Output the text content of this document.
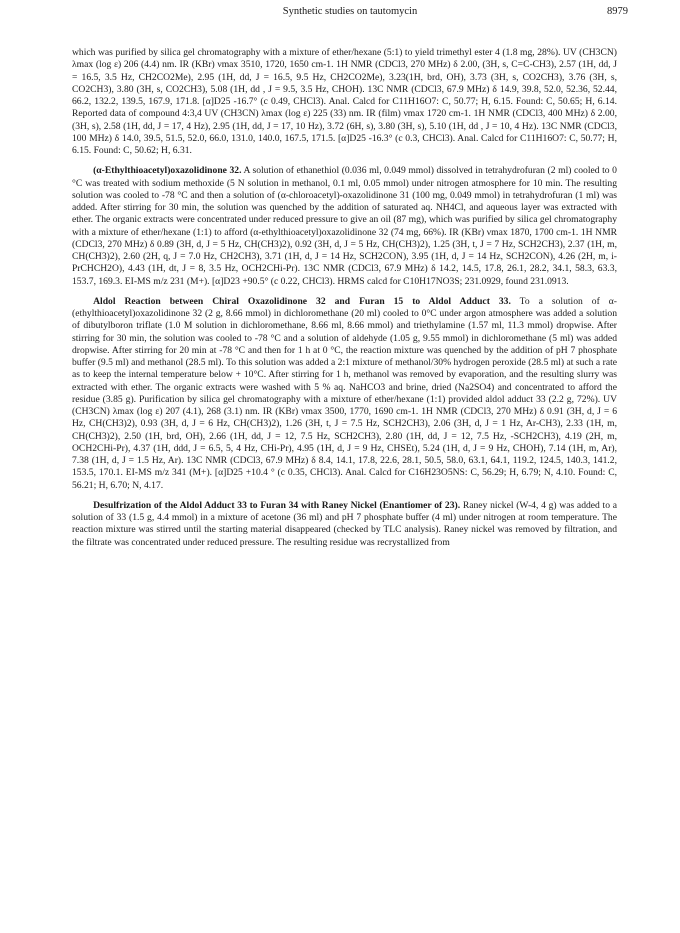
Synthetic studies on tautomycin	8979

which was purified by silica gel chromatography with a mixture of ether/hexane (5:1) to yield trimethyl ester 4 (1.8 mg, 28%). UV (CH3CN) λmax (log ε) 206 (4.4) nm. IR (KBr) νmax 3510, 1720, 1650 cm-1. 1H NMR (CDCl3, 270 MHz) δ 2.00, (3H, s, C=C-CH3), 2.57 (1H, dd, J = 16.5, 3.5 Hz, CH2CO2Me), 2.95 (1H, dd, J = 16.5, 9.5 Hz, CH2CO2Me), 3.23(1H, brd, OH), 3.73 (3H, s, CO2CH3), 3.76 (3H, s, CO2CH3), 3.80 (3H, s, CO2CH3), 5.08 (1H, dd , J = 9.5, 3.5 Hz, CHOH). 13C NMR (CDCl3, 67.9 MHz) δ 14.9, 39.8, 52.0, 52.36, 52.44, 66.2, 132.2, 139.5, 167.9, 171.8. [α]D25 -16.7° (c 0.49, CHCl3). Anal. Calcd for C11H16O7: C, 50.77; H, 6.15. Found: C, 50.65; H, 6.14. Reported data of compound 4:3,4 UV (CH3CN) λmax (log ε) 225 (33) nm. IR (film) νmax 1720 cm-1. 1H NMR (CDCl3, 400 MHz) δ 2.00, (3H, s), 2.58 (1H, dd, J = 17, 4 Hz), 2.95 (1H, dd, J = 17, 10 Hz), 3.72 (6H, s), 3.80 (3H, s), 5.10 (1H, dd , J = 10, 4 Hz). 13C NMR (CDCl3, 100 MHz) δ 14.0, 39.5, 51.5, 52.0, 66.0, 131.0, 140.0, 167.5, 171.5. [α]D25 -16.3° (c 0.3, CHCl3). Anal. Calcd for C11H16O7: C, 50.77; H, 6.15. Found: C, 50.62; H, 6.31.

(α-Ethylthioacetyl)oxazolidinone 32. A solution of ethanethiol (0.036 ml, 0.049 mmol) dissolved in tetrahydrofuran (2 ml) cooled to 0 °C was treated with sodium methoxide (5 N solution in methanol, 0.1 ml, 0.05 mmol) under nitrogen atmosphere for 10 min. The resulting solution was cooled to -78 °C and then a solution of (α-chloroacetyl)-oxazolidinone 31 (100 mg, 0.049 mmol) in tetrahydrofuran (1 ml) was added. After stirring for 30 min, the solution was quenched by the addition of saturated aq. NH4Cl, and aqueous layer was extracted with ether. The organic extracts were concentrated under reduced pressure to give an oil (87 mg), which was purified by silica gel chromatography with a mixture of ether/hexane (1:1) to afford (α-ethylthioacetyl)oxazolidinone 32 (74 mg, 66%). IR (KBr) νmax 1870, 1700 cm-1. 1H NMR (CDCl3, 270 MHz) δ 0.89 (3H, d, J = 5 Hz, CH(CH3)2), 0.92 (3H, d, J = 5 Hz, CH(CH3)2), 1.25 (3H, t, J = 7 Hz, SCH2CH3), 2.37 (1H, m, CH(CH3)2), 2.60 (2H, q, J = 7.0 Hz, CH2CH3), 3.71 (1H, d, J = 14 Hz, SCH2CON), 3.95 (1H, d, J = 14 Hz, SCH2CON), 4.26 (2H, m, i-PrCHCH2O), 4.43 (1H, dt, J = 8, 3.5 Hz, OCH2CHi-Pr). 13C NMR (CDCl3, 67.9 MHz) δ 14.2, 14.5, 17.8, 26.1, 28.2, 34.1, 58.3, 63.3, 153.7, 169.3. EI-MS m/z 231 (M+). [α]D23 +90.5° (c 0.22, CHCl3). HRMS calcd for C10H17NO3S; 231.0929, found 231.0913.

Aldol Reaction between Chiral Oxazolidinone 32 and Furan 15 to Aldol Adduct 33. To a solution of α-(ethylthioacetyl)oxazolidinone 32 (2 g, 8.66 mmol) in dichloromethane (20 ml) cooled to 0°C under argon atmosphere was added a solution of dibutylboron triflate (1.0 M solution in dichloromethane, 8.66 ml, 8.66 mmol) and triethylamine (1.57 ml, 11.3 mmol) dropwise. After stirring for 30 min, the solution was cooled to -78 °C and a solution of aldehyde (1.05 g, 9.55 mmol) in dichloromethane (5 ml) was added dropwise. After stirring for 20 min at -78 °C and then for 1 h at 0 °C, the reaction mixture was quenched by the addition of pH 7 phosphate buffer (9.5 ml) and methanol (28.5 ml). To this solution was added a 2:1 mixture of methanol/30% hydrogen peroxide (28.5 ml) at such a rate as to keep the internal temperature below + 10°C. After stirring for 1 h, methanol was removed by evaporation, and the resulting slurry was extracted with ether. The organic extracts were washed with 5 % aq. NaHCO3 and brine, dried (Na2SO4) and concentrated to afford the residue (3.85 g). Purification by silica gel chromatography with a mixture of ether/hexane (1:1) provided aldol adduct 33 (2.2 g, 72%). UV (CH3CN) λmax (log ε) 207 (4.1), 268 (3.1) nm. IR (KBr) νmax 3500, 1770, 1690 cm-1. 1H NMR (CDCl3, 270 MHz) δ 0.91 (3H, d, J = 6 Hz, CH(CH3)2), 0.93 (3H, d, J = 6 Hz, CH(CH3)2), 1.26 (3H, t, J = 7.5 Hz, SCH2CH3), 2.06 (3H, d, J = 1 Hz, Ar-CH3), 2.33 (1H, m, CH(CH3)2), 2.50 (1H, brd, OH), 2.66 (1H, dd, J = 12, 7.5 Hz, SCH2CH3), 2.80 (1H, dd, J = 12, 7.5 Hz, -SCH2CH3), 4.19 (2H, m, OCH2CHi-Pr), 4.37 (1H, ddd, J = 6.5, 5, 4 Hz, CHi-Pr), 4.95 (1H, d, J = 9 Hz, CHSEt), 5.24 (1H, d, J = 9 Hz, CHOH), 7.14 (1H, m, Ar), 7.38 (1H, d, J = 1.5 Hz, Ar). 13C NMR (CDCl3, 67.9 MHz) δ 8.4, 14.1, 17.8, 22.6, 28.1, 50.5, 58.0, 63.1, 64.1, 119.2, 124.5, 140.3, 141.2, 153.5, 170.1. EI-MS m/z 341 (M+). [α]D25 +10.4 ° (c 0.35, CHCl3). Anal. Calcd for C16H23O5NS: C, 56.29; H, 6.79; N, 4.10. Found: C, 56.21; H, 6.70; N, 4.17.

Desulfrization of the Aldol Adduct 33 to Furan 34 with Raney Nickel (Enantiomer of 23). Raney nickel (W-4, 4 g) was added to a solution of 33 (1.5 g, 4.4 mmol) in a mixture of acetone (36 ml) and pH 7 phosphate buffer (4 ml) under nitrogen at room temperature. The reaction mixture was stirred until the starting material disappeared (checked by TLC analysis). Raney nickel was removed by filtration, and the filtrate was concentrated under reduced pressure. The resulting residue was recrystallized from
